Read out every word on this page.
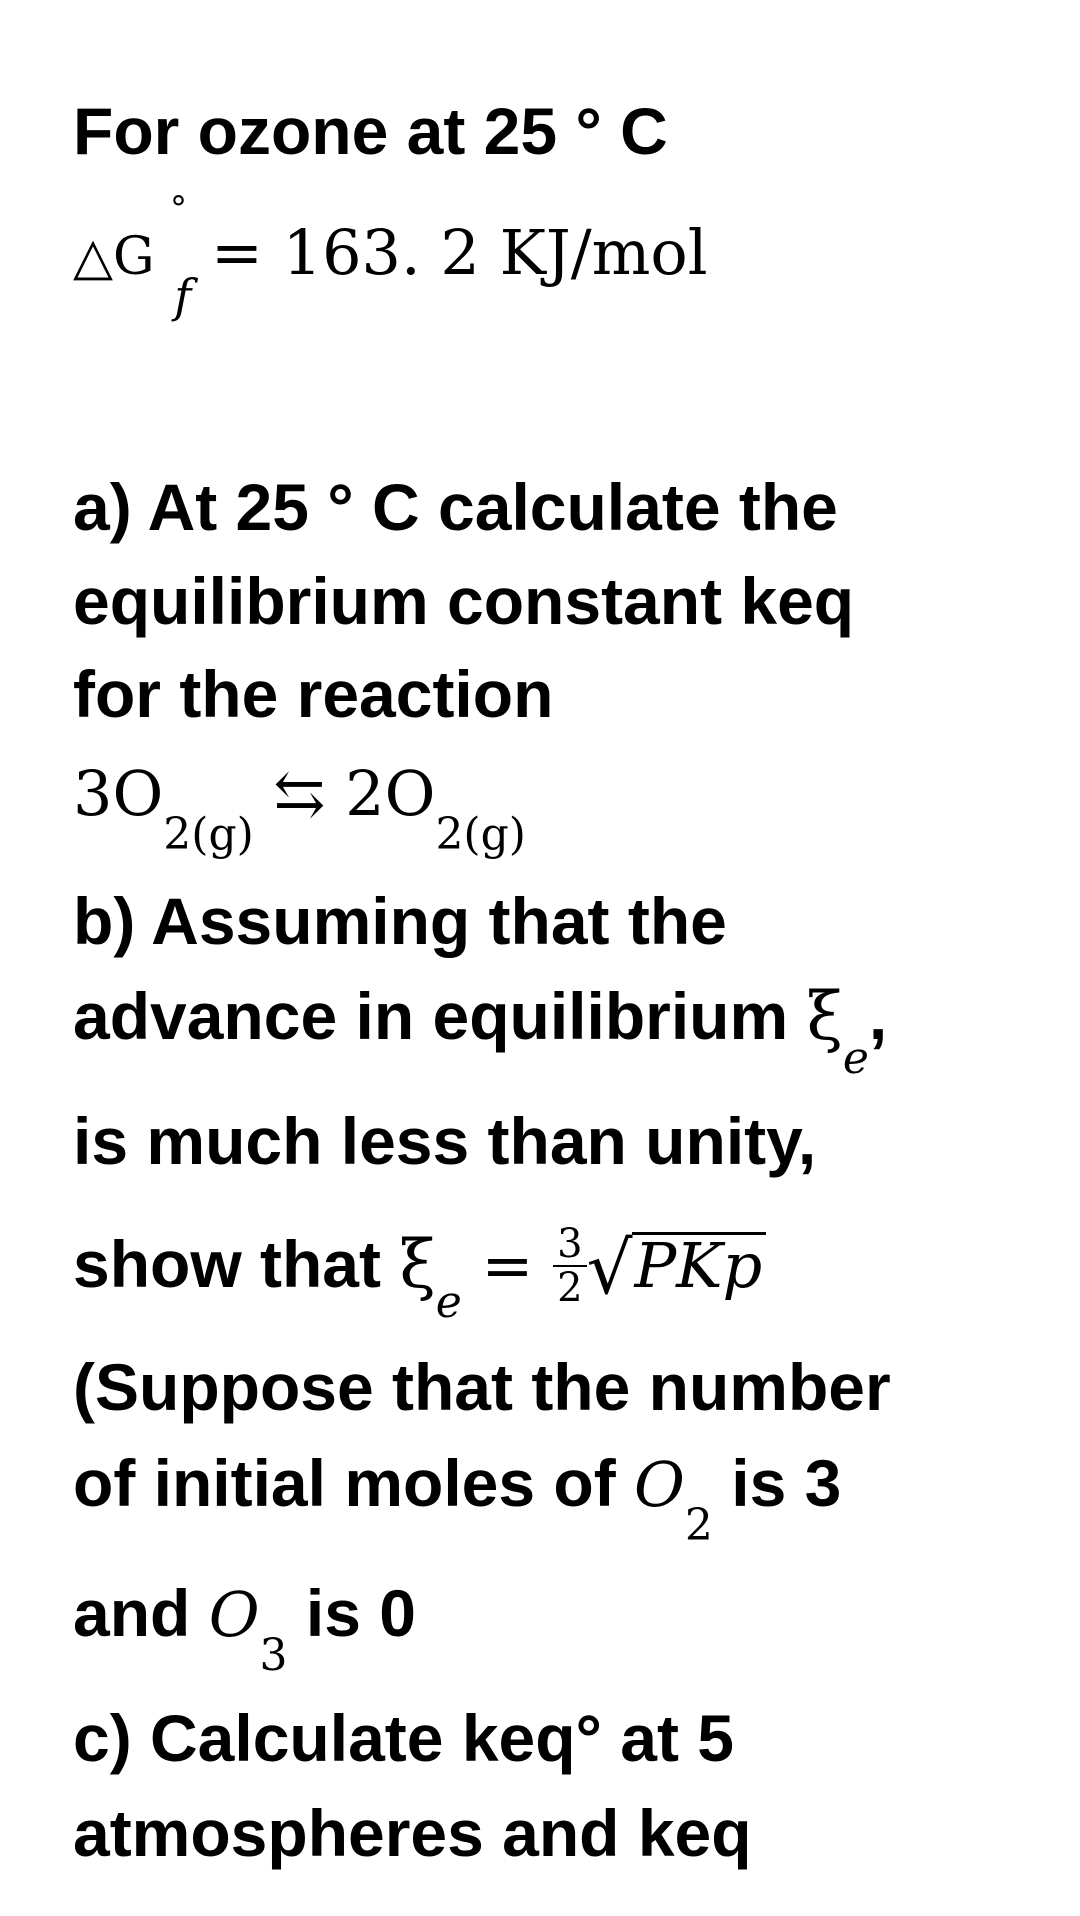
For ozone at 25 ° C
△G
°
$_f$ = 163. 2 KJ/mol
a) At 25 ° C calculate the
equilibrium constant keq
for the reaction
$3O_{2(g)}$ ⇆ $2O_{2(g)}$
b) Assuming that the
advance in equilibrium $\xi_e$,
is much less than unity,
show that $\xi_e = \frac{3}{2} √PKp$
(Suppose that the number
of initial moles of $O_2$ is 3
and $O_3$ is 0
c) Calculate keq° at 5
atmospheres and keq
